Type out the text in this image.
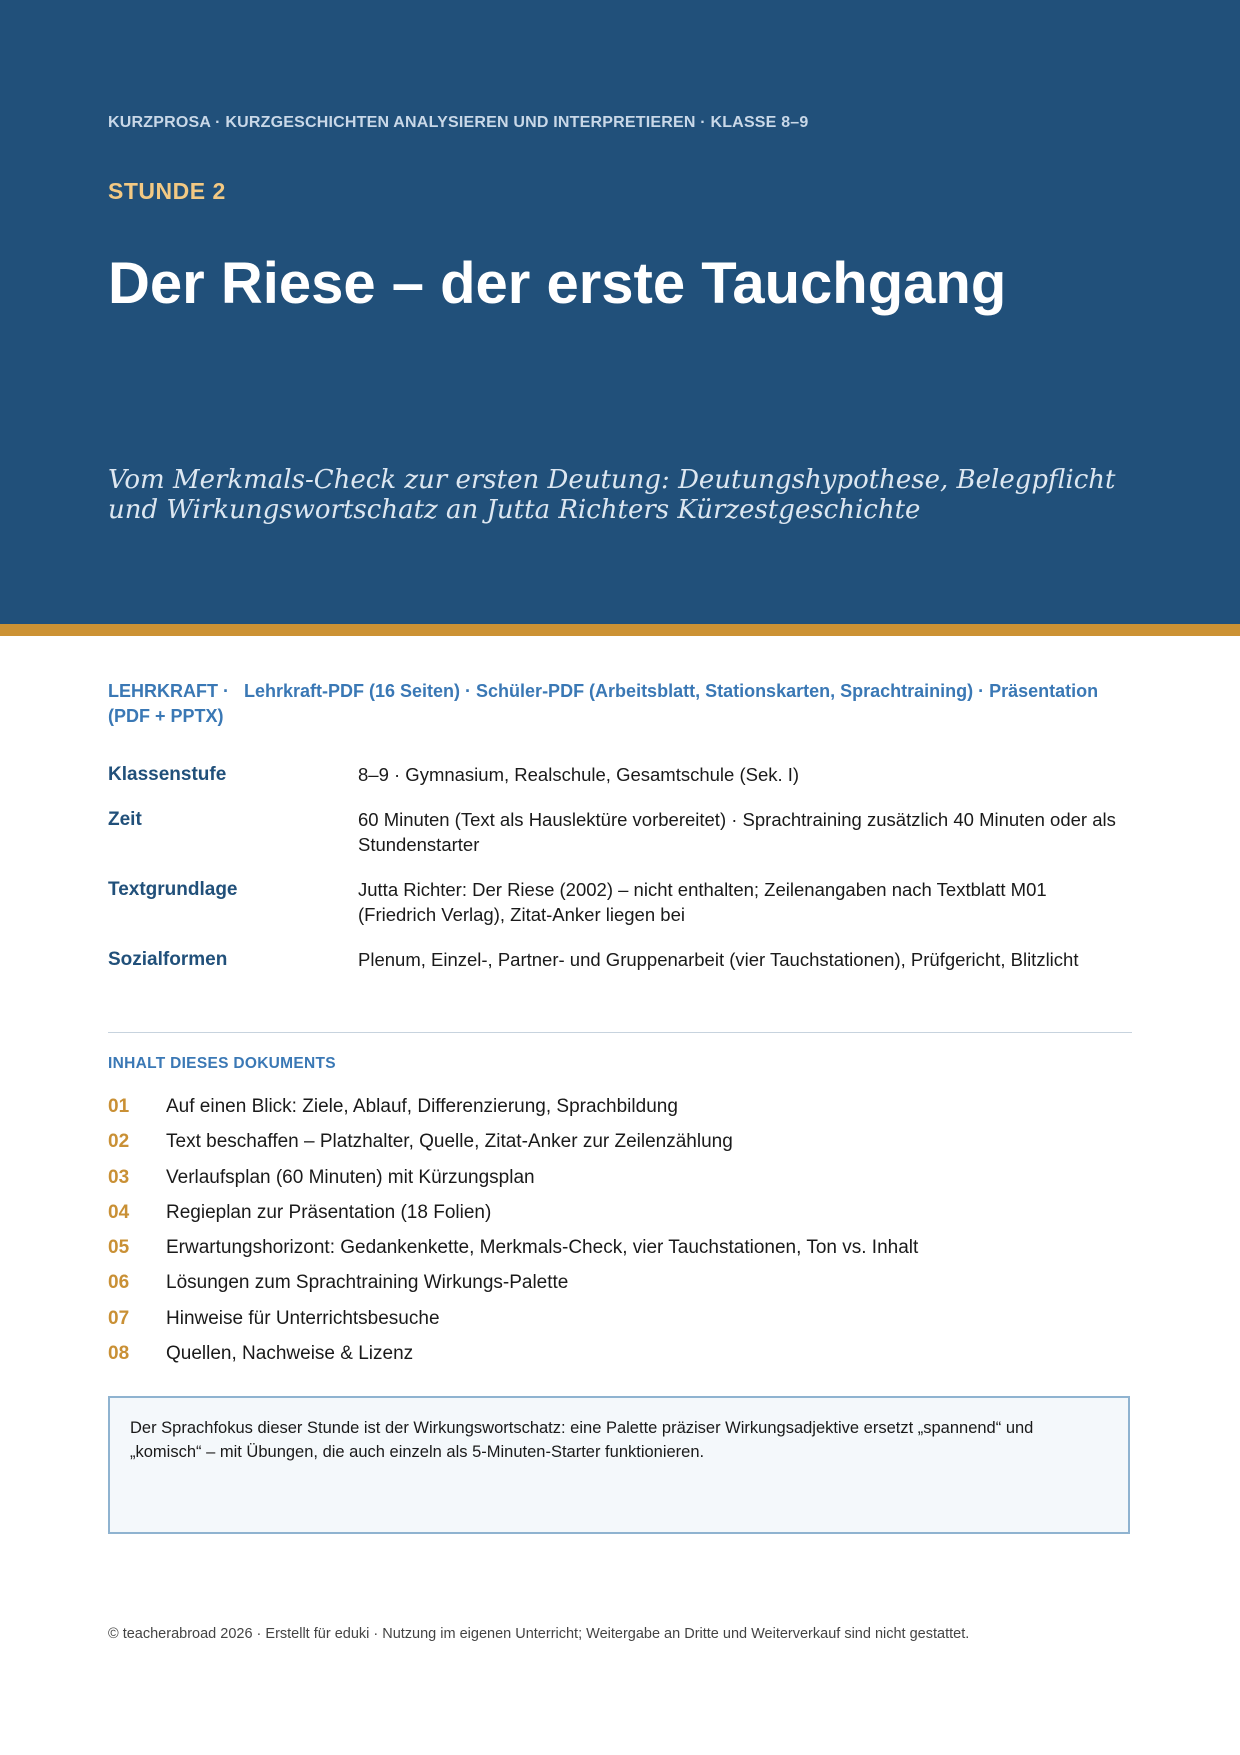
KURZPROSA · KURZGESCHICHTEN ANALYSIEREN UND INTERPRETIEREN · KLASSE 8–9
STUNDE 2
Der Riese – der erste Tauchgang
Vom Merkmals-Check zur ersten Deutung: Deutungshypothese, Belegpflicht und Wirkungswortschatz an Jutta Richters Kürzestgeschichte
LEHRKRAFT · Lehrkraft-PDF (16 Seiten) · Schüler-PDF (Arbeitsblatt, Stationskarten, Sprachtraining) · Präsentation (PDF + PPTX)
Klassenstufe	8–9 · Gymnasium, Realschule, Gesamtschule (Sek. I)
Zeit	60 Minuten (Text als Hauslektüre vorbereitet) · Sprachtraining zusätzlich 40 Minuten oder als Stundenstarter
Textgrundlage	Jutta Richter: Der Riese (2002) – nicht enthalten; Zeilenangaben nach Textblatt M01 (Friedrich Verlag), Zitat-Anker liegen bei
Sozialformen	Plenum, Einzel-, Partner- und Gruppenarbeit (vier Tauchstationen), Prüfgericht, Blitzlicht
INHALT DIESES DOKUMENTS
01	Auf einen Blick: Ziele, Ablauf, Differenzierung, Sprachbildung
02	Text beschaffen – Platzhalter, Quelle, Zitat-Anker zur Zeilenzählung
03	Verlaufsplan (60 Minuten) mit Kürzungsplan
04	Regieplan zur Präsentation (18 Folien)
05	Erwartungshorizont: Gedankenkette, Merkmals-Check, vier Tauchstationen, Ton vs. Inhalt
06	Lösungen zum Sprachtraining Wirkungs-Palette
07	Hinweise für Unterrichtsbesuche
08	Quellen, Nachweise & Lizenz
Der Sprachfokus dieser Stunde ist der Wirkungswortschatz: eine Palette präziser Wirkungsadjektive ersetzt „spannend“ und „komisch“ – mit Übungen, die auch einzeln als 5-Minuten-Starter funktionieren.
© teacherabroad 2026 · Erstellt für eduki · Nutzung im eigenen Unterricht; Weitergabe an Dritte und Weiterverkauf sind nicht gestattet.
